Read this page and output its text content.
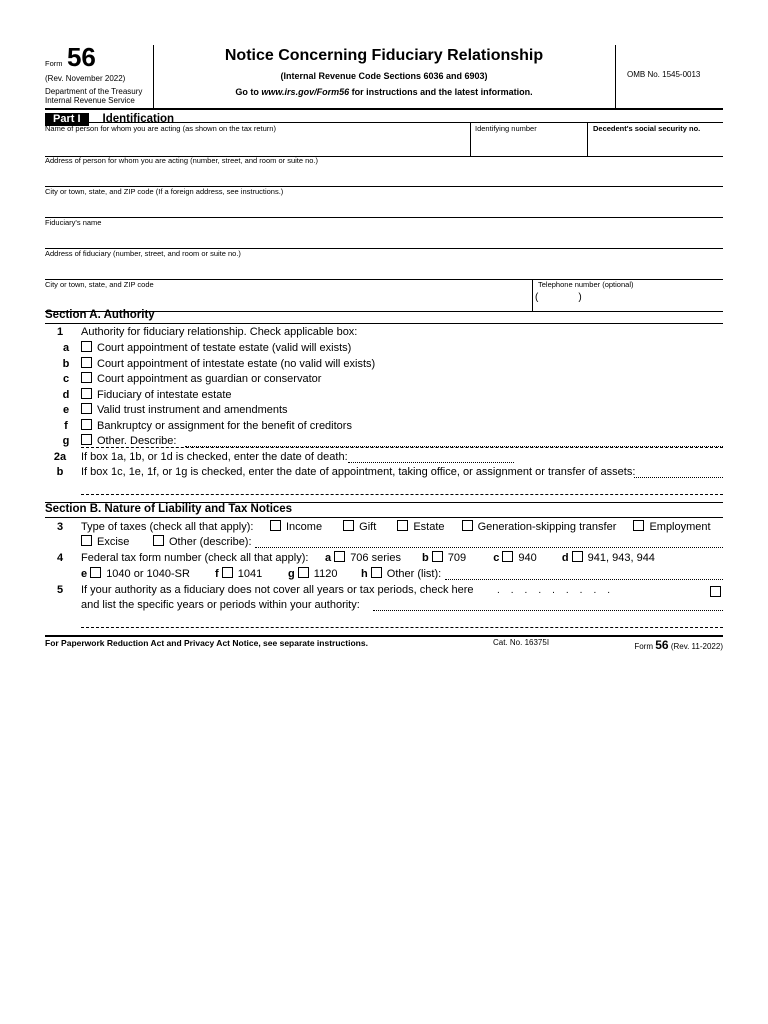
Form 56
(Rev. November 2022)
Department of the Treasury
Internal Revenue Service
Notice Concerning Fiduciary Relationship
(Internal Revenue Code Sections 6036 and 6903)
Go to www.irs.gov/Form56 for instructions and the latest information.
OMB No. 1545-0013
Part I Identification
Name of person for whom you are acting (as shown on the tax return)	Identifying number	Decedent's social security no.
Address of person for whom you are acting (number, street, and room or suite no.)
City or town, state, and ZIP code (If a foreign address, see instructions.)
Fiduciary's name
Address of fiduciary (number, street, and room or suite no.)
City or town, state, and ZIP code	Telephone number (optional)
(	)
Section A. Authority
1	Authority for fiduciary relationship. Check applicable box:
a	Court appointment of testate estate (valid will exists)
b	Court appointment of intestate estate (no valid will exists)
c	Court appointment as guardian or conservator
d	Fiduciary of intestate estate
e	Valid trust instrument and amendments
f	Bankruptcy or assignment for the benefit of creditors
g	Other. Describe:
2a	If box 1a, 1b, or 1d is checked, enter the date of death:
b	If box 1c, 1e, 1f, or 1g is checked, enter the date of appointment, taking office, or assignment or transfer of assets:
Section B. Nature of Liability and Tax Notices
3	Type of taxes (check all that apply):	Income	Gift	Estate	Generation-skipping transfer	Employment
Excise	Other (describe):
4	Federal tax form number (check all that apply): a 706 series b 709 c 940 d 941, 943, 944
e 1040 or 1040-SR f 1041 g 1120 h Other (list):
5	If your authority as a fiduciary does not cover all years or tax periods, check here .........
and list the specific years or periods within your authority:
For Paperwork Reduction Act and Privacy Act Notice, see separate instructions.	Cat. No. 16375I	Form 56 (Rev. 11-2022)
